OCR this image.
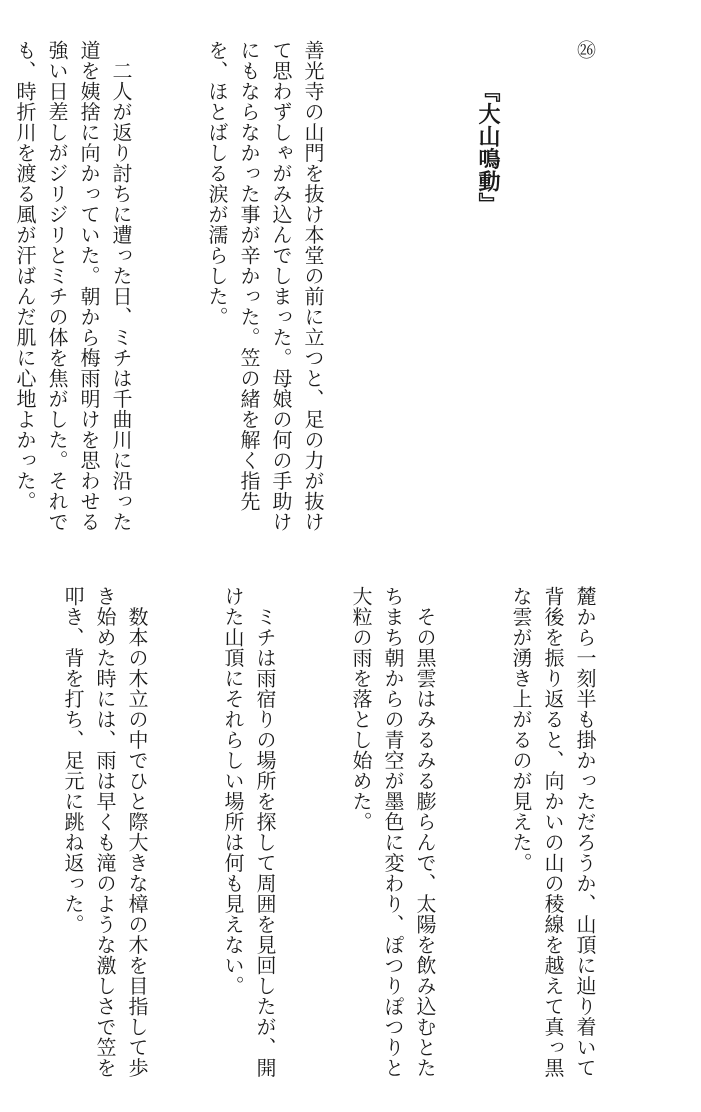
㉖

『大山鳴動』

善光寺の山門を抜け本堂の前に立つと、足の力が抜けて思わずしゃがみ込んでしまった。母娘の何の手助けにもならなかった事が辛かった。笠の緒を解く指先を、ほとばしる涙が濡らした。

　二人が返り討ちに遭った日、ミチは千曲川に沿った道を姨捨に向かっていた。朝から梅雨明けを思わせる強い日差しがジリジリとミチの体を焦がした。それでも、時折川を渡る風が汗ばんだ肌に心地よかった。

麓から一刻半も掛かっただろうか、山頂に辿り着いて背後を振り返ると、向かいの山の稜線を越えて真っ黒な雲が湧き上がるのが見えた。

　その黒雲はみるみる膨らんで、太陽を飲み込むとたちまち朝からの青空が墨色に変わり、ぽつりぽつりと大粒の雨を落とし始めた。

　ミチは雨宿りの場所を探して周囲を見回したが、開けた山頂にそれらしい場所は何も見えない。

　数本の木立の中でひと際大きな樟の木を目指して歩き始めた時には、雨は早くも滝のような激しさで笠を叩き、背を打ち、足元に跳ね返った。
